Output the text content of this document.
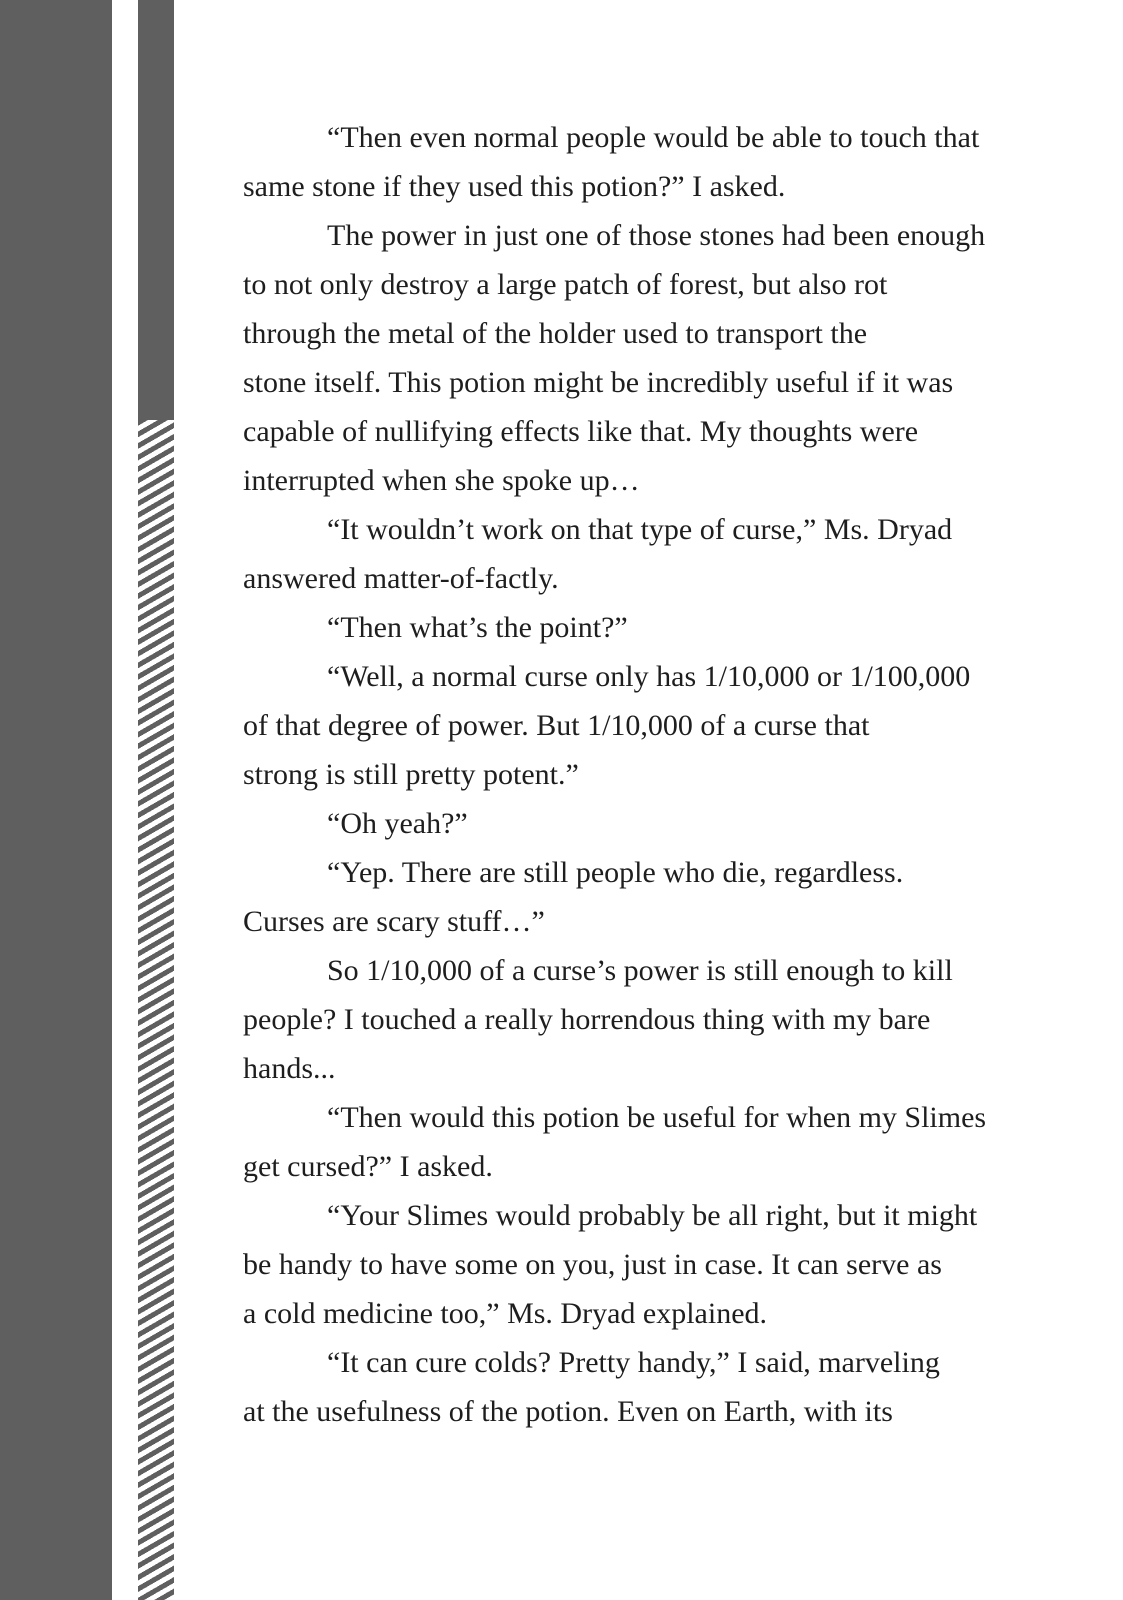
“Then even normal people would be able to touch that
same stone if they used this potion?” I asked.
The power in just one of those stones had been enough
to not only destroy a large patch of forest, but also rot
through the metal of the holder used to transport the
stone itself. This potion might be incredibly useful if it was
capable of nullifying effects like that. My thoughts were
interrupted when she spoke up…
“It wouldn’t work on that type of curse,” Ms. Dryad
answered matter-of-factly.
“Then what’s the point?”
“Well, a normal curse only has 1/10,000 or 1/100,000
of that degree of power. But 1/10,000 of a curse that
strong is still pretty potent.”
“Oh yeah?”
“Yep. There are still people who die, regardless.
Curses are scary stuff…”
So 1/10,000 of a curse’s power is still enough to kill
people? I touched a really horrendous thing with my bare
hands...
“Then would this potion be useful for when my Slimes
get cursed?” I asked.
“Your Slimes would probably be all right, but it might
be handy to have some on you, just in case. It can serve as
a cold medicine too,” Ms. Dryad explained.
“It can cure colds? Pretty handy,” I said, marveling
at the usefulness of the potion. Even on Earth, with its
